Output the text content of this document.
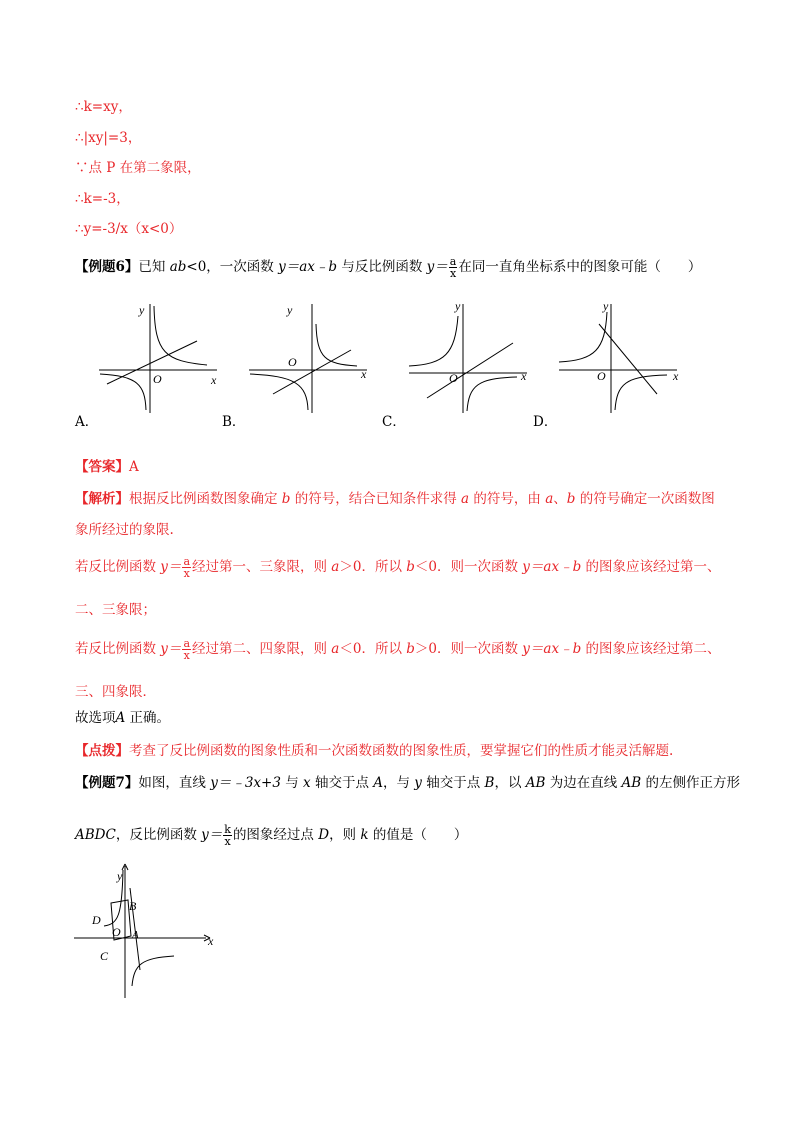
∴k=xy，
∴|xy|=3，
∵点 P 在第二象限，
∴k=-3，
∴y=-3/x（x<0）
【例题6】已知 ab<0，一次函数 y＝ax﹣b 与反比例函数 $y= \frac{a}{x}$ 在同一直角坐标系中的图象可能（　　）
y
x
O
y
x
O
y
x
O
y
x
O
A．	B．	C．	D．
【答案】A
【解析】根据反比例函数图象确定 b 的符号，结合已知条件求得 a 的符号，由 a、b 的符号确定一次函数图
象所经过的象限.
若反比例函数 $y= \frac{a}{x}$ 经过第一、三象限，则 a＞0．所以 b＜0．则一次函数 y＝ax﹣b 的图象应该经过第一、
二、三象限；
若反比例函数 $y= \frac{a}{x}$ 经过第二、四象限，则 a＜0．所以 b＞0．则一次函数 y＝ax﹣b 的图象应该经过第二、
三、四象限．
故选项A 正确。
【点拨】考查了反比例函数的图象性质和一次函数函数的图象性质，要掌握它们的性质才能灵活解题.
【例题7】如图，直线 y＝﹣3x+3 与 x 轴交于点 A，与 y 轴交于点 B，以 AB 为边在直线 AB 的左侧作正方形
ABDC，反比例函数 $y= \frac{k}{x}$ 的图象经过点 D，则 k 的值是（　　）
y
x
O A
B
C
D
